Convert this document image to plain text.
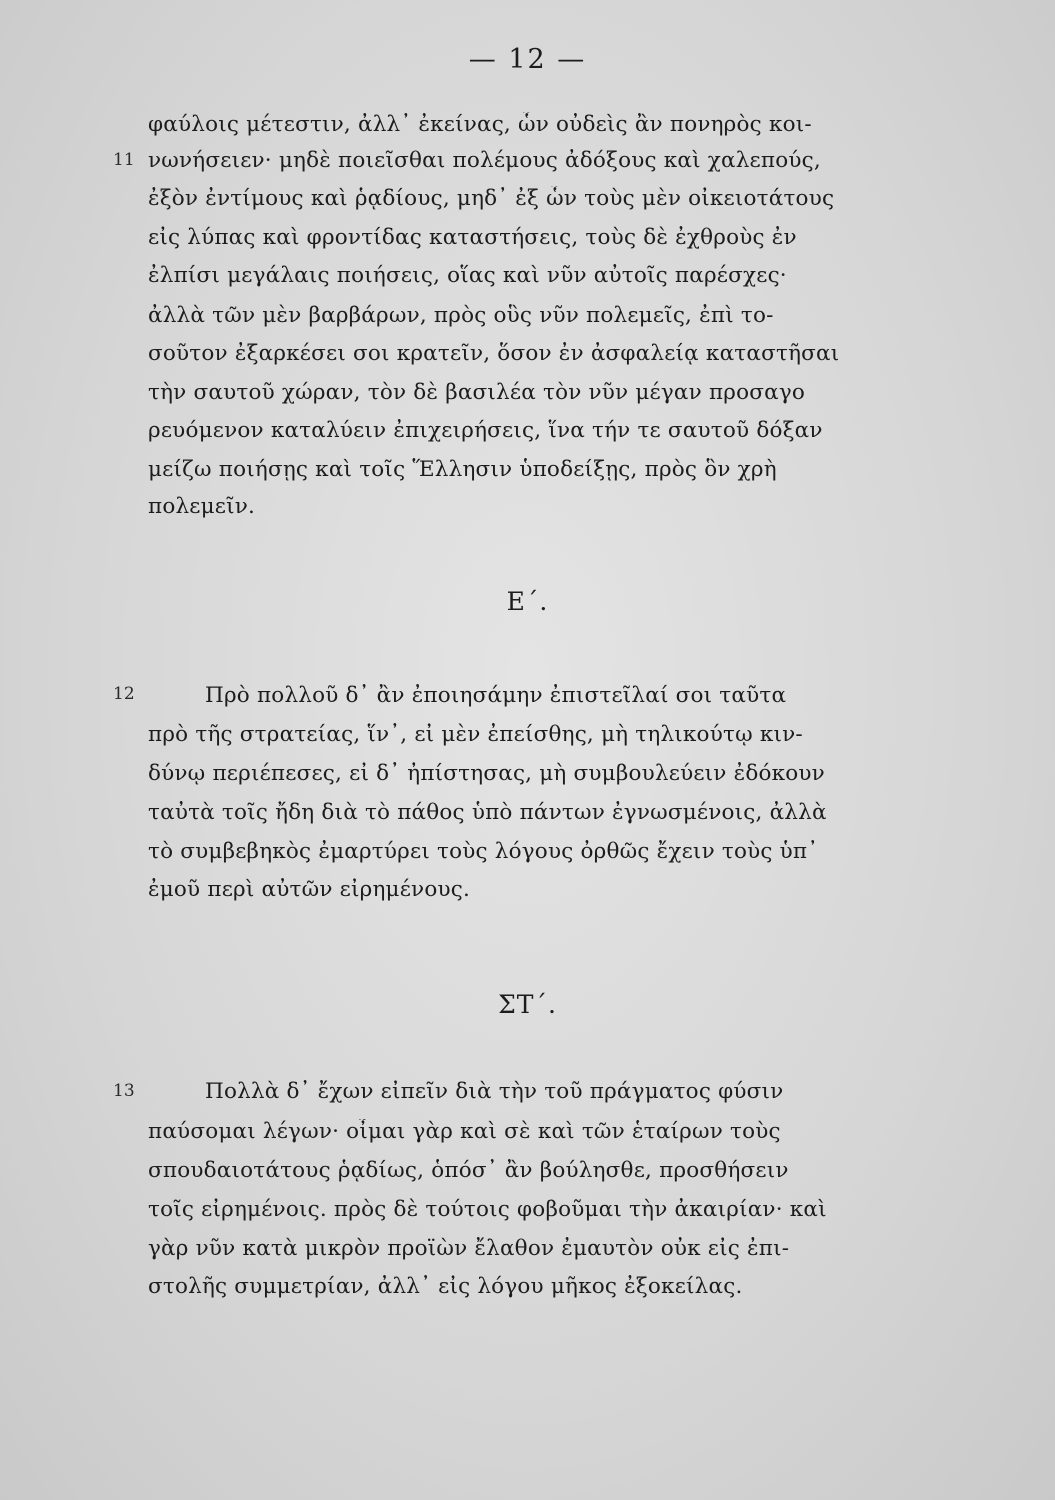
— 12 —
11
φαύλοις μέτεστιν, ἀλλ᾽ ἐκείνας, ὧν οὐδεὶς ἂν πονηρὸς κοι-
νωνήσειεν· μηδὲ ποιεῖσθαι πολέμους ἀδόξους καὶ χαλεπούς,
ἐξὸν ἐντίμους καὶ ῥᾳδίους, μηδ᾽ ἐξ ὧν τοὺς μὲν οἰκειοτάτους
εἰς λύπας καὶ φροντίδας καταστήσεις, τοὺς δὲ ἐχθροὺς ἐν
ἐλπίσι μεγάλαις ποιήσεις, οἵας καὶ νῦν αὐτοῖς παρέσχες·
ἀλλὰ τῶν μὲν βαρβάρων, πρὸς οὓς νῦν πολεμεῖς, ἐπὶ το-
σοῦτον ἐξαρκέσει σοι κρατεῖν, ὅσον ἐν ἀσφαλείᾳ καταστῆσαι
τὴν σαυτοῦ χώραν, τὸν δὲ βασιλέα τὸν νῦν μέγαν προσαγο
ρευόμενον καταλύειν ἐπιχειρήσεις, ἵνα τήν τε σαυτοῦ δόξαν
μείζω ποιήσῃς καὶ τοῖς Ἕλλησιν ὑποδείξῃς, πρὸς ὃν χρὴ
πολεμεῖν.
Ε΄.
12	Πρὸ πολλοῦ δ᾽ ἂν ἐποιησάμην ἐπιστεῖλαί σοι ταῦτα
πρὸ τῆς στρατείας, ἵν᾽, εἰ μὲν ἐπείσθης, μὴ τηλικούτῳ κιν-
δύνῳ περιέπεσες, εἰ δ᾽ ἠπίστησας, μὴ συμβουλεύειν ἐδόκουν
ταὐτὰ τοῖς ἤδη διὰ τὸ πάθος ὑπὸ πάντων ἐγνωσμένοις, ἀλλὰ
τὸ συμβεβηκὸς ἐμαρτύρει τοὺς λόγους ὀρθῶς ἔχειν τοὺς ὑπ᾽
ἐμοῦ περὶ αὐτῶν εἰρημένους.
ΣΤ΄.
13	Πολλὰ δ᾽ ἔχων εἰπεῖν διὰ τὴν τοῦ πράγματος φύσιν
παύσομαι λέγων· οἶμαι γὰρ καὶ σὲ καὶ τῶν ἑταίρων τοὺς
σπουδαιοτάτους ῥᾳδίως, ὁπόσ᾽ ἂν βούλησθε, προσθήσειν
τοῖς εἰρημένοις. πρὸς δὲ τούτοις φοβοῦμαι τὴν ἀκαιρίαν· καὶ
γὰρ νῦν κατὰ μικρὸν προϊὼν ἔλαθον ἐμαυτὸν οὐκ εἰς ἐπι-
στολῆς συμμετρίαν, ἀλλ᾽ εἰς λόγου μῆκος ἐξοκείλας.
